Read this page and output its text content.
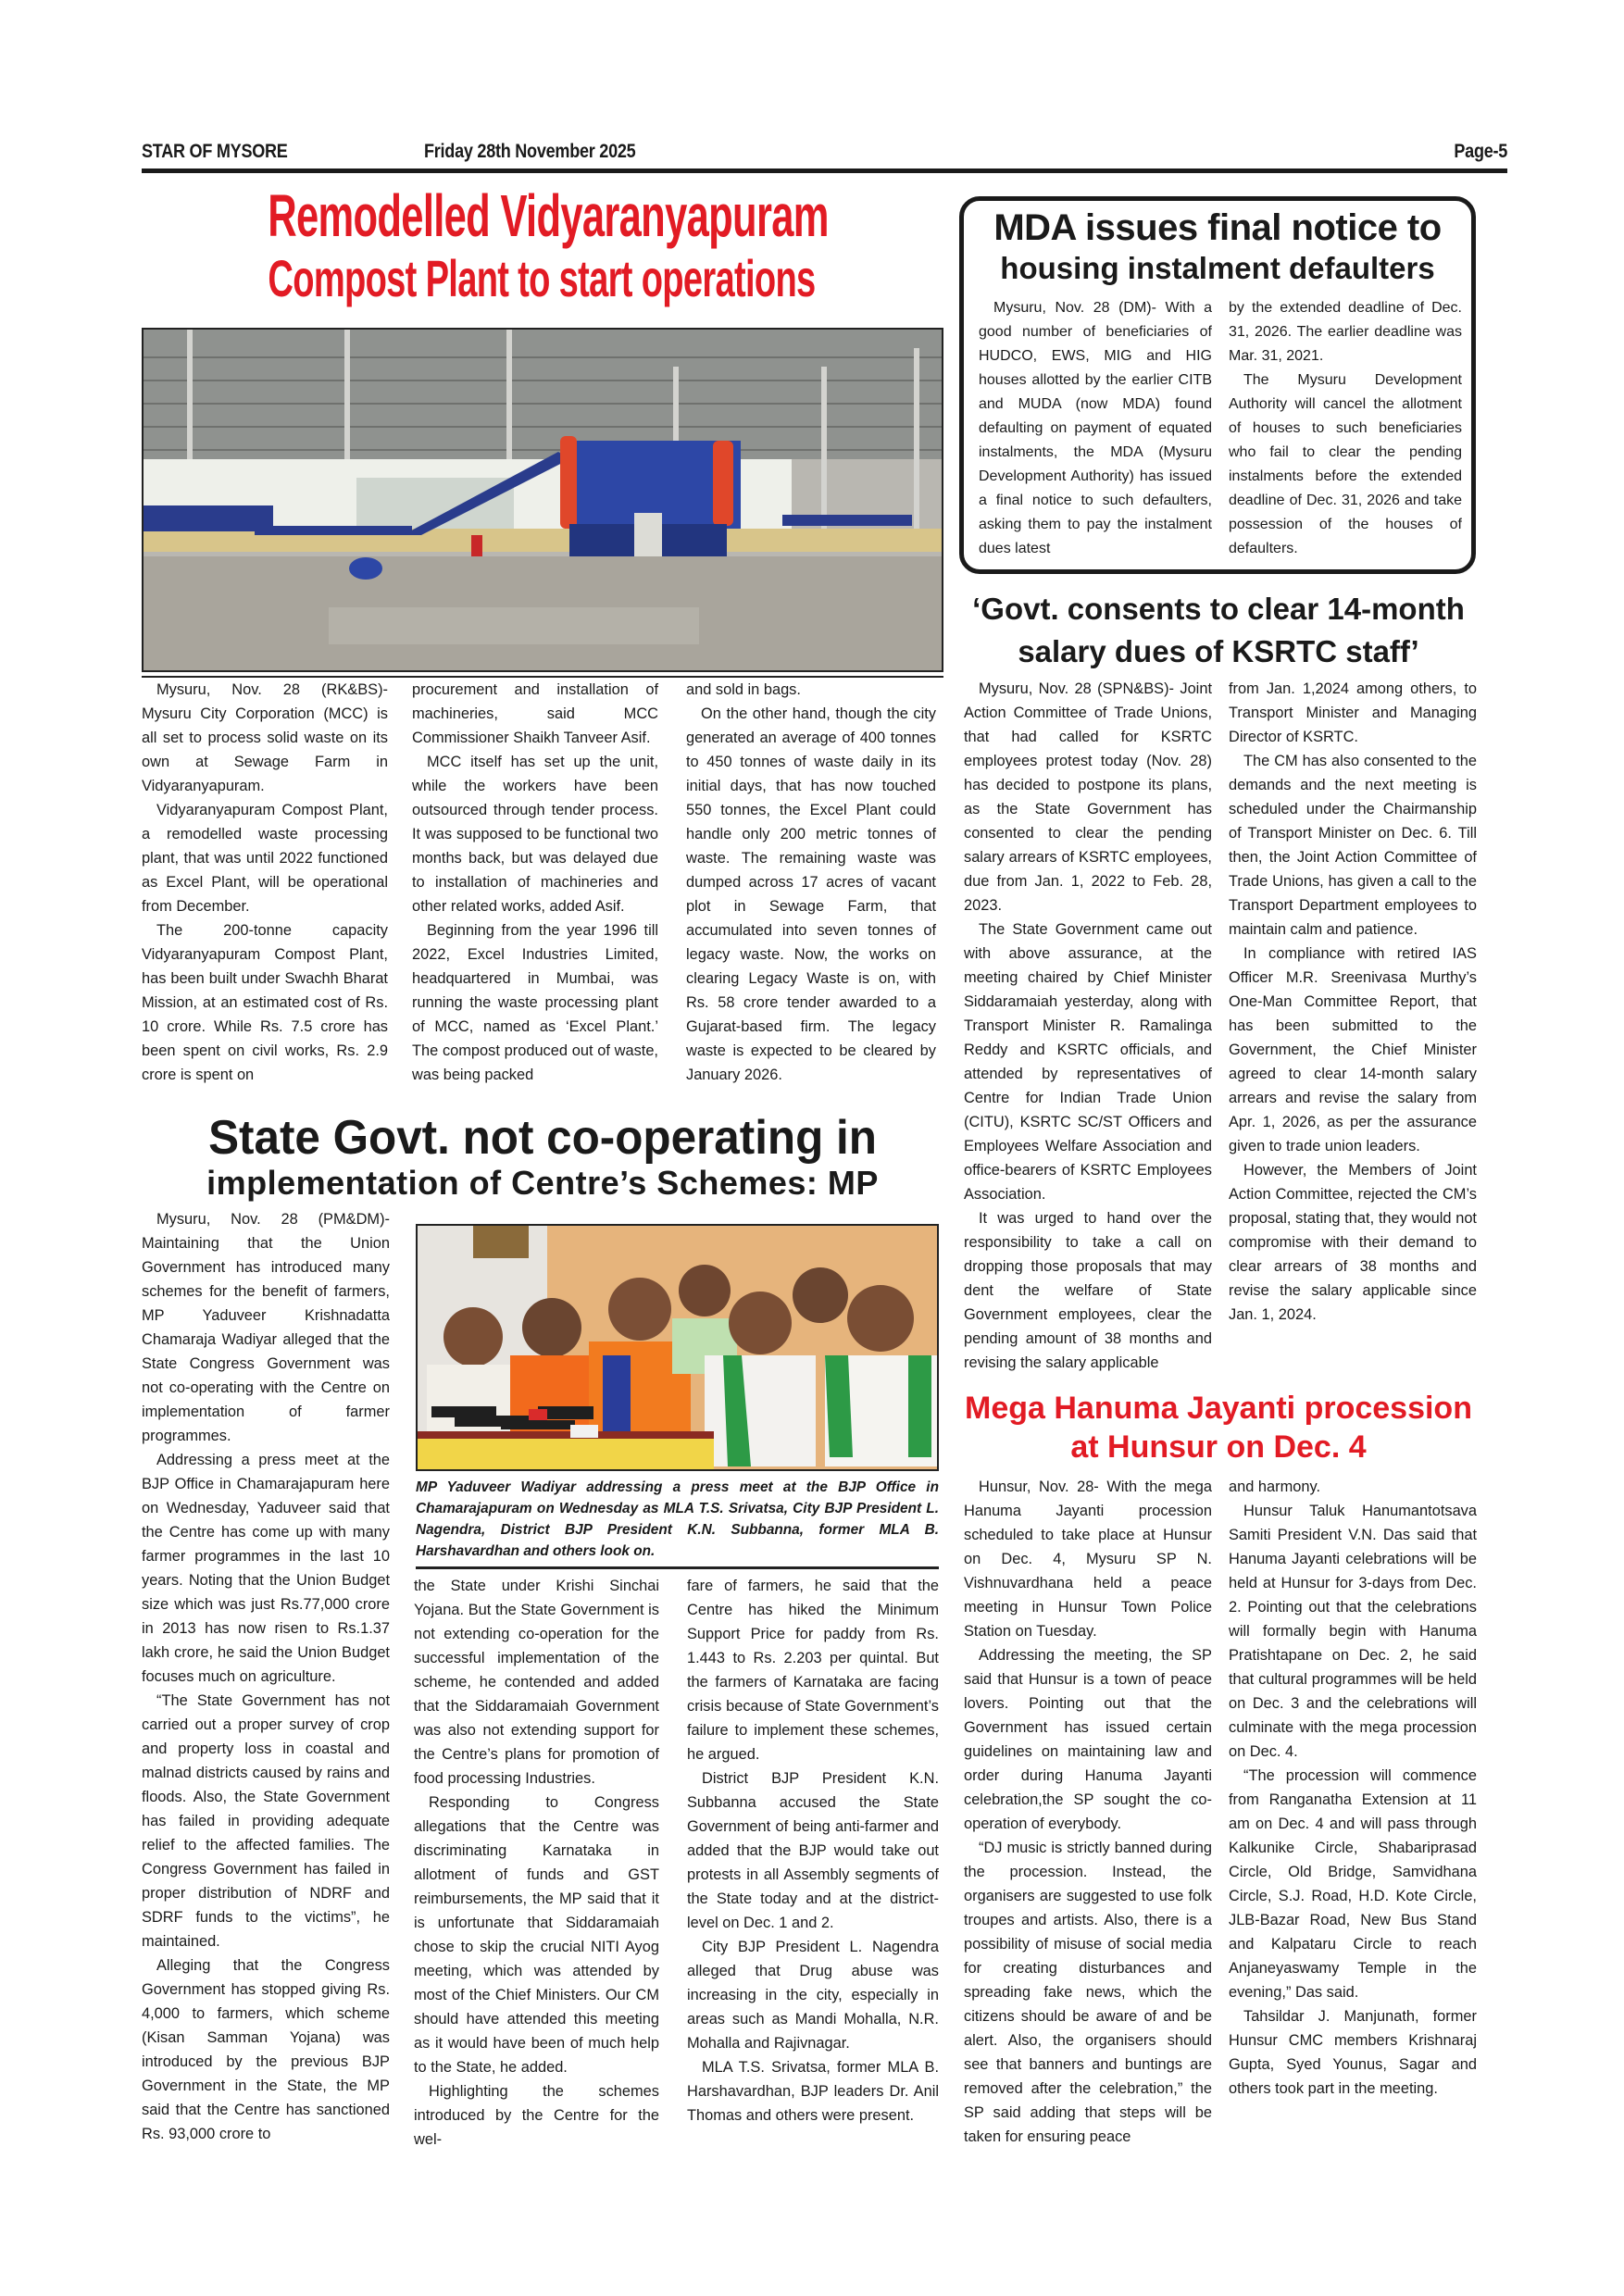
STAR OF MYSORE	Friday 28th November 2025	Page-5
Remodelled Vidyaranyapuram
Compost Plant to start operations

Mysuru, Nov. 28 (RK&BS)- Mysuru City Corporation (MCC) is all set to process solid waste on its own at Sewage Farm in Vidyaranyapuram.

Vidyaranyapuram Compost Plant, a remodelled waste processing plant, that was until 2022 functioned as Excel Plant, will be operational from December.

The 200-tonne capacity Vidyaranyapuram Compost Plant, has been built under Swachh Bharat Mission, at an estimated cost of Rs. 10 crore. While Rs. 7.5 crore has been spent on civil works, Rs. 2.9 crore is spent on

procurement and installation of machineries, said MCC Commissioner Shaikh Tanveer Asif.

MCC itself has set up the unit, while the workers have been outsourced through tender process. It was supposed to be functional two months back, but was delayed due to installation of machineries and other related works, added Asif.

Beginning from the year 1996 till 2022, Excel Industries Limited, headquartered in Mumbai, was running the waste processing plant of MCC, named as ‘Excel Plant.’ The compost produced out of waste, was being packed

and sold in bags.

On the other hand, though the city generated an average of 400 tonnes to 450 tonnes of waste daily in its initial days, that has now touched 550 tonnes, the Excel Plant could handle only 200 metric tonnes of waste. The remaining waste was dumped across 17 acres of vacant plot in Sewage Farm, that accumulated into seven tonnes of legacy waste. Now, the works on clearing Legacy Waste is on, with Rs. 58 crore tender awarded to a Gujarat-based firm. The legacy waste is expected to be cleared by January 2026.

MDA issues final notice to
housing instalment defaulters

Mysuru, Nov. 28 (DM)- With a good number of beneficiaries of HUDCO, EWS, MIG and HIG houses allotted by the earlier CITB and MUDA (now MDA) found defaulting on payment of equated instalments, the MDA (Mysuru Development Authority) has issued a final notice to such defaulters, asking them to pay the instalment dues latest

by the extended deadline of Dec. 31, 2026. The earlier deadline was Mar. 31, 2021.

The Mysuru Development Authority will cancel the allotment of houses to such beneficiaries who fail to clear the pending instalments before the extended deadline of Dec. 31, 2026 and take possession of the houses of defaulters.

‘Govt. consents to clear 14-month
salary dues of KSRTC staff’

Mysuru, Nov. 28 (SPN&BS)- Joint Action Committee of Trade Unions, that had called for KSRTC employees protest today (Nov. 28) has decided to postpone its plans, as the State Government has consented to clear the pending salary arrears of KSRTC employees, due from Jan. 1, 2022 to Feb. 28, 2023.

The State Government came out with above assurance, at the meeting chaired by Chief Minister Siddaramaiah yesterday, along with Transport Minister R. Ramalinga Reddy and KSRTC officials, and attended by representatives of Centre for Indian Trade Union (CITU), KSRTC SC/ST Officers and Employees Welfare Association and office-bearers of KSRTC Employees Association.

It was urged to hand over the responsibility to take a call on dropping those proposals that may dent the welfare of State Government employees, clear the pending amount of 38 months and revising the salary applicable

from Jan. 1,2024 among others, to Transport Minister and Managing Director of KSRTC.

The CM has also consented to the demands and the next meeting is scheduled under the Chairmanship of Transport Minister on Dec. 6. Till then, the Joint Action Committee of Trade Unions, has given a call to the Transport Department employees to maintain calm and patience.

In compliance with retired IAS Officer M.R. Sreenivasa Murthy’s One-Man Committee Report, that has been submitted to the Government, the Chief Minister agreed to clear 14-month salary arrears and revise the salary from Apr. 1, 2026, as per the assurance given to trade union leaders.

However, the Members of Joint Action Committee, rejected the CM’s proposal, stating that, they would not compromise with their demand to clear arrears of 38 months and revise the salary applicable since Jan. 1, 2024.

State Govt. not co-operating in
implementation of Centre’s Schemes: MP

MP Yaduveer Wadiyar addressing a press meet at the BJP Office in Chamarajapuram on Wednesday as MLA T.S. Srivatsa, City BJP President L. Nagendra, District BJP President K.N. Subbanna, former MLA B. Harshavardhan and others look on.

Mysuru, Nov. 28 (PM&DM)- Maintaining that the Union Government has introduced many schemes for the benefit of farmers, MP Yaduveer Krishnadatta Chamaraja Wadiyar alleged that the State Congress Government was not co-operating with the Centre on implementation of farmer programmes.

Addressing a press meet at the BJP Office in Chamarajapuram here on Wednesday, Yaduveer said that the Centre has come up with many farmer programmes in the last 10 years. Noting that the Union Budget size which was just Rs.77,000 crore in 2013 has now risen to Rs.1.37 lakh crore, he said the Union Budget focuses much on agriculture.

“The State Government has not carried out a proper survey of crop and property loss in coastal and malnad districts caused by rains and floods. Also, the State Government has failed in providing adequate relief to the affected families. The Congress Government has failed in proper distribution of NDRF and SDRF funds to the victims”, he maintained.

Alleging that the Congress Government has stopped giving Rs. 4,000 to farmers, which scheme (Kisan Samman Yojana) was introduced by the previous BJP Government in the State, the MP said that the Centre has sanctioned Rs. 93,000 crore to

the State under Krishi Sinchai Yojana. But the State Government is not extending co-operation for the successful implementation of the scheme, he contended and added that the Siddaramaiah Government was also not extending support for the Centre’s plans for promotion of food processing Industries.

Responding to Congress allegations that the Centre was discriminating Karnataka in allotment of funds and GST reimbursements, the MP said that it is unfortunate that Siddaramaiah chose to skip the crucial NITI Ayog meeting, which was attended by most of the Chief Ministers. Our CM should have attended this meeting as it would have been of much help to the State, he added.

Highlighting the schemes introduced by the Centre for the wel-

fare of farmers, he said that the Centre has hiked the Minimum Support Price for paddy from Rs. 1.443 to Rs. 2.203 per quintal. But the farmers of Karnataka are facing crisis because of State Government’s failure to implement these schemes, he argued.

District BJP President K.N. Subbanna accused the State Government of being anti-farmer and added that the BJP would take out protests in all Assembly segments of the State today and at the district-level on Dec. 1 and 2.

City BJP President L. Nagendra alleged that Drug abuse was increasing in the city, especially in areas such as Mandi Mohalla, N.R. Mohalla and Rajivnagar.

MLA T.S. Srivatsa, former MLA B. Harshavardhan, BJP leaders Dr. Anil Thomas and others were present.

Mega Hanuma Jayanti procession
at Hunsur on Dec. 4

Hunsur, Nov. 28- With the mega Hanuma Jayanti procession scheduled to take place at Hunsur on Dec. 4, Mysuru SP N. Vishnuvardhana held a peace meeting in Hunsur Town Police Station on Tuesday.

Addressing the meeting, the SP said that Hunsur is a town of peace lovers. Pointing out that the Government has issued certain guidelines on maintaining law and order during Hanuma Jayanti celebration,the SP sought the co-operation of everybody.

“DJ music is strictly banned during the procession. Instead, the organisers are suggested to use folk troupes and artists. Also, there is a possibility of misuse of social media for creating disturbances and spreading fake news, which the citizens should be aware of and be alert. Also, the organisers should see that banners and buntings are removed after the celebration,” the SP said adding that steps will be taken for ensuring peace

and harmony.

Hunsur Taluk Hanumantotsava Samiti President V.N. Das said that Hanuma Jayanti celebrations will be held at Hunsur for 3-days from Dec. 2. Pointing out that the celebrations will formally begin with Hanuma Pratishtapane on Dec. 2, he said that cultural programmes will be held on Dec. 3 and the celebrations will culminate with the mega procession on Dec. 4.

“The procession will commence from Ranganatha Extension at 11 am on Dec. 4 and will pass through Kalkunike Circle, Shabariprasad Circle, Old Bridge, Samvidhana Circle, S.J. Road, H.D. Kote Circle, JLB-Bazar Road, New Bus Stand and Kalpataru Circle to reach Anjaneyaswamy Temple in the evening,” Das said.

Tahsildar J. Manjunath, former Hunsur CMC members Krishnaraj Gupta, Syed Younus, Sagar and others took part in the meeting.
